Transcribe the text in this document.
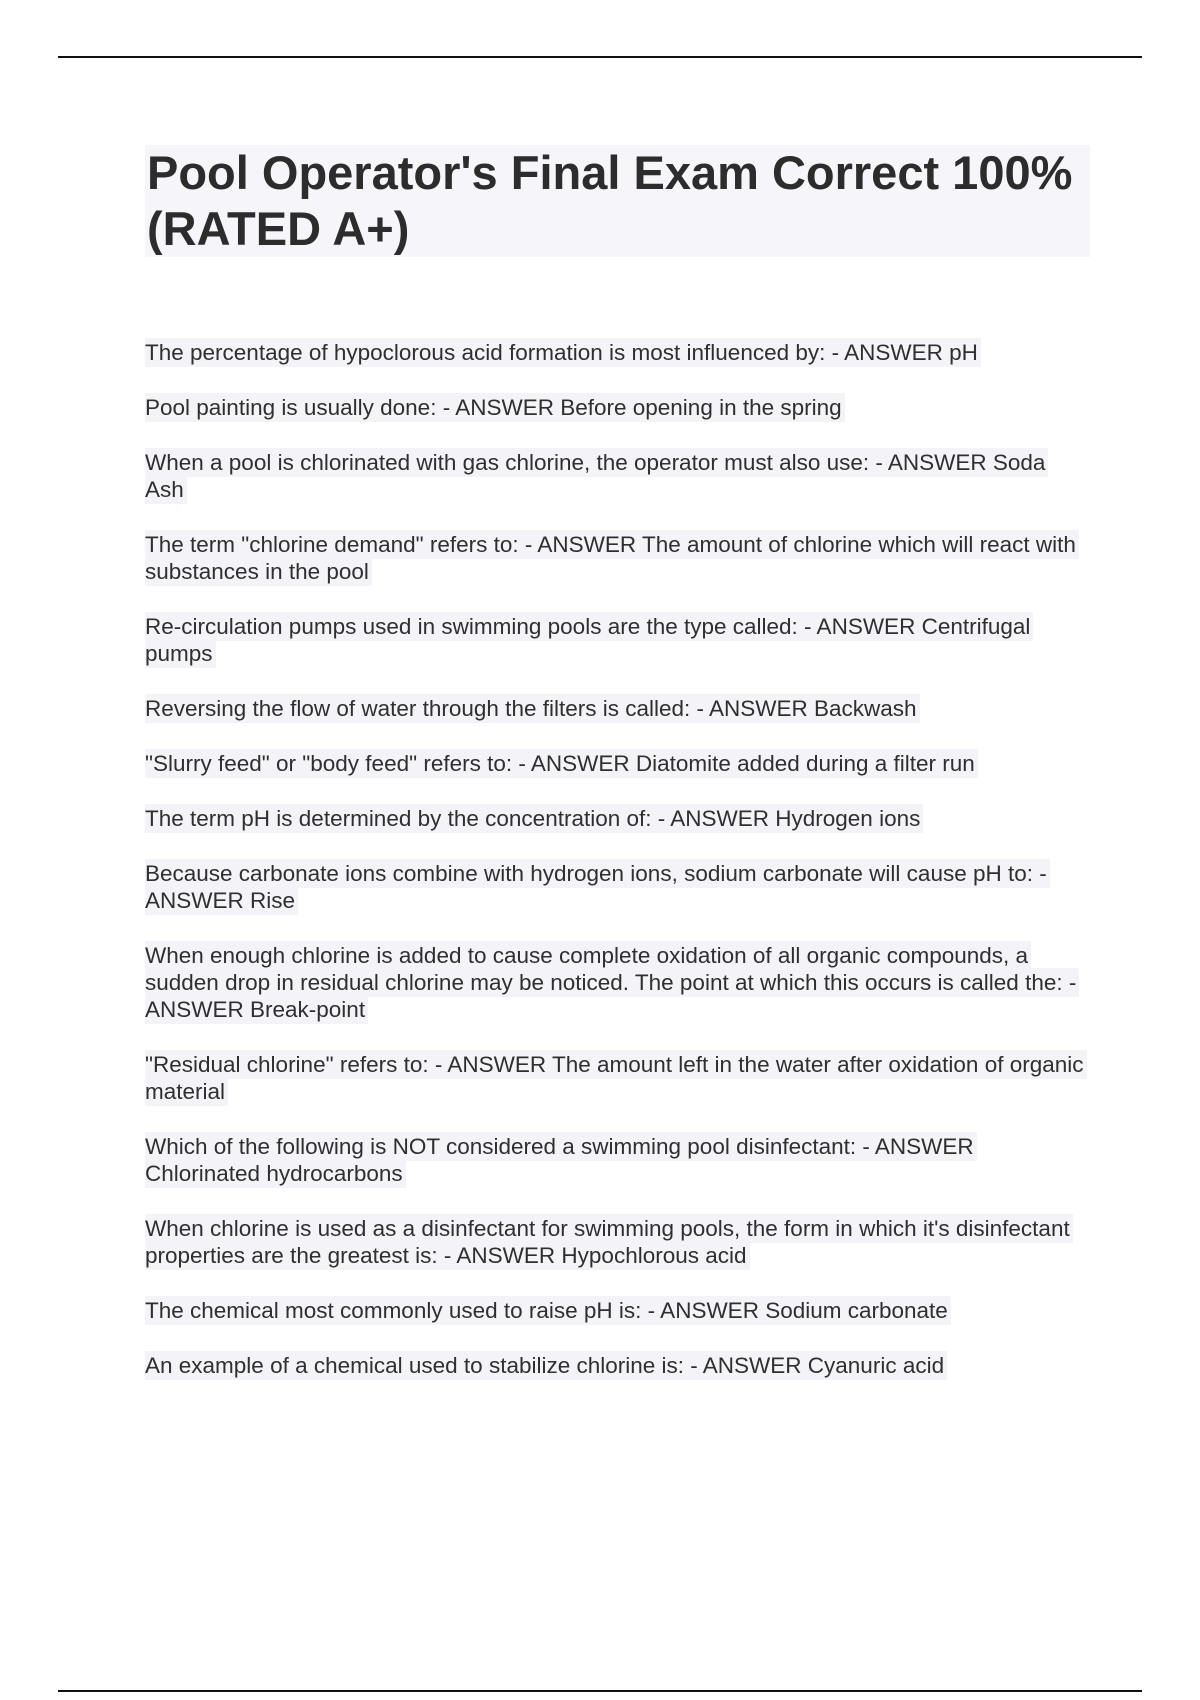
Pool Operator's Final Exam Correct 100%(RATED A+)

The percentage of hypoclorous acid formation is most influenced by: - ANSWER pH

Pool painting is usually done: - ANSWER Before opening in the spring

When a pool is chlorinated with gas chlorine, the operator must also use: - ANSWER Soda Ash

The term "chlorine demand" refers to: - ANSWER The amount of chlorine which will react with substances in the pool

Re-circulation pumps used in swimming pools are the type called: - ANSWER Centrifugal pumps

Reversing the flow of water through the filters is called: - ANSWER Backwash

"Slurry feed" or "body feed" refers to: - ANSWER Diatomite added during a filter run

The term pH is determined by the concentration of: - ANSWER Hydrogen ions

Because carbonate ions combine with hydrogen ions, sodium carbonate will cause pH to: - ANSWER Rise

When enough chlorine is added to cause complete oxidation of all organic compounds, a sudden drop in residual chlorine may be noticed. The point at which this occurs is called the: - ANSWER Break-point

"Residual chlorine" refers to: - ANSWER The amount left in the water after oxidation of organic material

Which of the following is NOT considered a swimming pool disinfectant: - ANSWER Chlorinated hydrocarbons

When chlorine is used as a disinfectant for swimming pools, the form in which it's disinfectant properties are the greatest is: - ANSWER Hypochlorous acid

The chemical most commonly used to raise pH is: - ANSWER Sodium carbonate

An example of a chemical used to stabilize chlorine is: - ANSWER Cyanuric acid
